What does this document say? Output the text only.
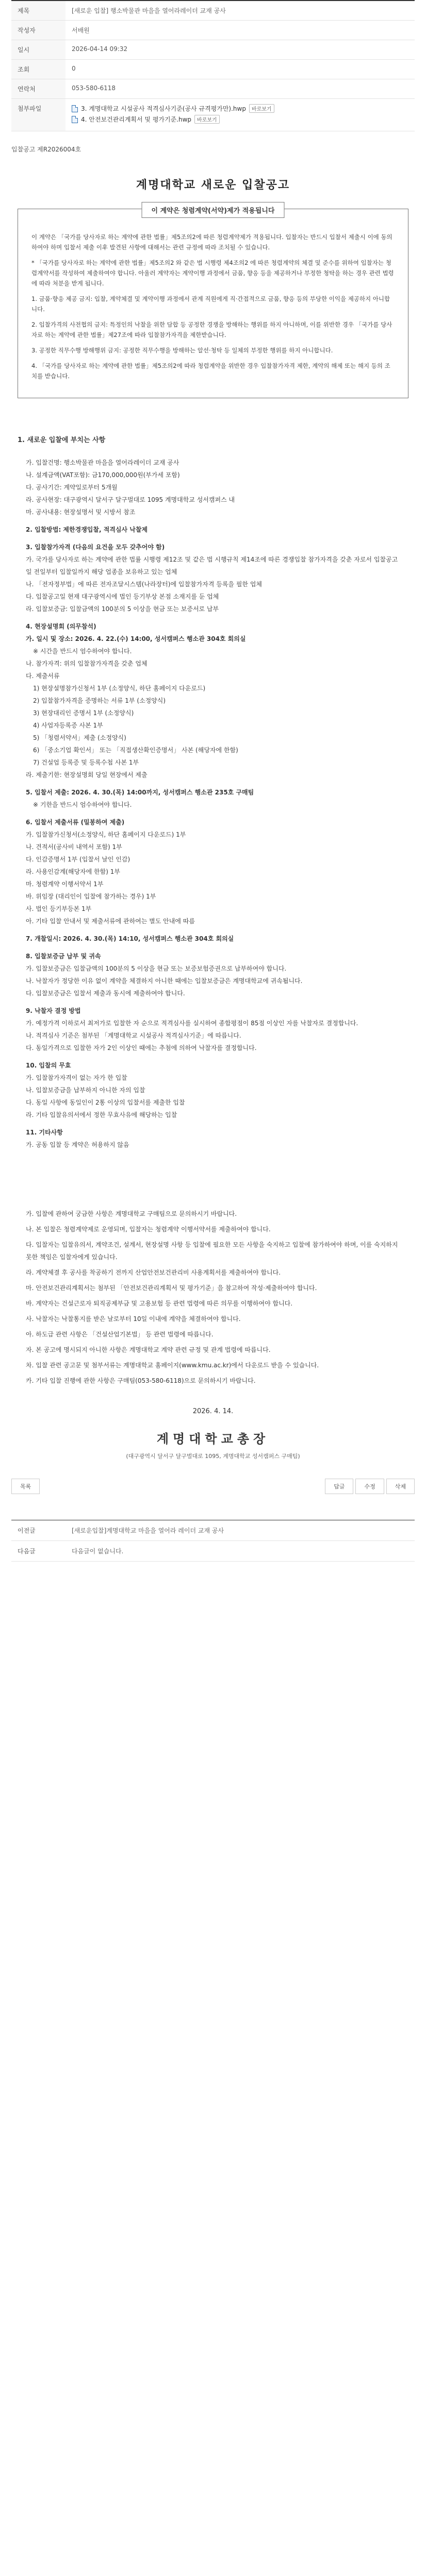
제목	[새로운 입찰] 행소박물관 마을을 열어라레이더 교재 공사
작성자	서배원
일시	2026-04-14 09:32
조회	0
연락처	053-580-6118
첨부파일	3. 계명대학교 시설공사 적격심사기준(공사 규격평가만).hwp	바로보기
4. 안전보건관리계획서 및 평가기준.hwp	바로보기
입찰공고 제R2026004호
계명대학교 새로운 입찰공고
이 계약은 청렴계약(서약)제가 적용됩니다

이 계약은 「국가를 당사자로 하는 계약에 관한 법률」제5조의2에 따른 청렴계약제가 적용됩니다. 입찰자는 반드시 입찰서 제출시 이에 동의하여야 하며 입찰서 제출 이후 발견된 사항에 대해서는 관련 규정에 따라 조치될 수 있습니다.

* 「국가를 당사자로 하는 계약에 관한 법률」제5조의2 와 같은 법 시행령 제4조의2 에 따른 청렴계약의 체결 및 준수를 위하여 입찰자는 청렴계약서를 작성하여 제출하여야 합니다. 아울러 계약자는 계약이행 과정에서 금품, 향응 등을 제공하거나 부정한 청탁을 하는 경우 관련 법령에 따라 처분을 받게 됩니다.

1. 금품·향응 제공 금지: 입찰, 계약체결 및 계약이행 과정에서 관계 직원에게 직·간접적으로 금품, 향응 등의 부당한 이익을 제공하지 아니합니다.

2. 입찰가격의 사전협의 금지: 특정인의 낙찰을 위한 담합 등 공정한 경쟁을 방해하는 행위를 하지 아니하며, 이를 위반한 경우 「국가를 당사자로 하는 계약에 관한 법률」제27조에 따라 입찰참가자격을 제한받습니다.

3. 공정한 직무수행 방해행위 금지: 공정한 직무수행을 방해하는 알선·청탁 등 일체의 부정한 행위를 하지 아니합니다.

4. 「국가를 당사자로 하는 계약에 관한 법률」제5조의2에 따라 청렴계약을 위반한 경우 입찰참가자격 제한, 계약의 해제 또는 해지 등의 조치를 받습니다.

1. 새로운 입찰에 부치는 사항
가. 입찰건명: 행소박물관 마을을 열어라레이더 교재 공사
나. 설계금액(VAT포함): 금170,000,000원(부가세 포함)
다. 공사기간: 계약일로부터 5개월
라. 공사현장: 대구광역시 달서구 달구벌대로 1095 계명대학교 성서캠퍼스 내
마. 공사내용: 현장설명서 및 시방서 참조
2. 입찰방법: 제한경쟁입찰, 적격심사 낙찰제
3. 입찰참가자격 (다음의 요건을 모두 갖추어야 함)
가. 국가를 당사자로 하는 계약에 관한 법률 시행령 제12조 및 같은 법 시행규칙 제14조에 따른 경쟁입찰 참가자격을 갖춘 자로서 입찰공고일 전일부터 입찰일까지 해당 업종을 보유하고 있는 업체
나. 「전자정부법」에 따른 전자조달시스템(나라장터)에 입찰참가자격 등록을 필한 업체
다. 입찰공고일 현재 대구광역시에 법인 등기부상 본점 소재지를 둔 업체
라. 입찰보증금: 입찰금액의 100분의 5 이상을 현금 또는 보증서로 납부
4. 현장설명회 (의무참석)
가. 일시 및 장소: 2026. 4. 22.(수) 14:00, 성서캠퍼스 행소관 304호 회의실
※ 시간을 반드시 엄수하여야 합니다.
나. 참가자격: 위의 입찰참가자격을 갖춘 업체
다. 제출서류
1) 현장설명참가신청서 1부 (소정양식, 하단 홈페이지 다운로드)
2) 입찰참가자격을 증명하는 서류 1부 (소정양식)
3) 현장대리인 증명서 1부 (소정양식)
4) 사업자등록증 사본 1부
5) 「청렴서약서」제출 (소정양식)
6) 「중소기업 확인서」 또는 「직접생산확인증명서」 사본 (해당자에 한함)
7) 건설업 등록증 및 등록수첩 사본 1부
라. 제출기한: 현장설명회 당일 현장에서 제출
5. 입찰서 제출: 2026. 4. 30.(목) 14:00까지, 성서캠퍼스 행소관 235호 구매팀
※ 기한을 반드시 엄수하여야 합니다.
6. 입찰서 제출서류 (밀봉하여 제출)
가. 입찰참가신청서(소정양식, 하단 홈페이지 다운로드) 1부
나. 견적서(공사비 내역서 포함) 1부
다. 인감증명서 1부 (입찰서 날인 인감)
라. 사용인감계(해당자에 한함) 1부
마. 청렴계약 이행서약서 1부
바. 위임장 (대리인이 입찰에 참가하는 경우) 1부
사. 법인 등기부등본 1부
아. 기타 입찰 안내서 및 제출서류에 관하여는 별도 안내에 따름
7. 개찰일시: 2026. 4. 30.(목) 14:10, 성서캠퍼스 행소관 304호 회의실
8. 입찰보증금 납부 및 귀속
가. 입찰보증금은 입찰금액의 100분의 5 이상을 현금 또는 보증보험증권으로 납부하여야 합니다.
나. 낙찰자가 정당한 이유 없이 계약을 체결하지 아니한 때에는 입찰보증금은 계명대학교에 귀속됩니다.
다. 입찰보증금은 입찰서 제출과 동시에 제출하여야 합니다.
9. 낙찰자 결정 방법
가. 예정가격 이하로서 최저가로 입찰한 자 순으로 적격심사를 실시하여 종합평점이 85점 이상인 자를 낙찰자로 결정합니다.
나. 적격심사 기준은 첨부된 「계명대학교 시설공사 적격심사기준」에 따릅니다.
다. 동일가격으로 입찰한 자가 2인 이상인 때에는 추첨에 의하여 낙찰자를 결정합니다.
10. 입찰의 무효
가. 입찰참가자격이 없는 자가 한 입찰
나. 입찰보증금을 납부하지 아니한 자의 입찰
다. 동일 사항에 동일인이 2통 이상의 입찰서를 제출한 입찰
라. 기타 입찰유의서에서 정한 무효사유에 해당하는 입찰
11. 기타사항
가. 공동 입찰 등 계약은 허용하지 않음
가. 입찰에 관하여 궁금한 사항은 계명대학교 구매팀으로 문의하시기 바랍니다.
나. 본 입찰은 청렴계약제로 운영되며, 입찰자는 청렴계약 이행서약서를 제출하여야 합니다.
다. 입찰자는 입찰유의서, 계약조건, 설계서, 현장설명 사항 등 입찰에 필요한 모든 사항을 숙지하고 입찰에 참가하여야 하며, 이를 숙지하지 못한 책임은 입찰자에게 있습니다.
라. 계약체결 후 공사를 착공하기 전까지 산업안전보건관리비 사용계획서를 제출하여야 합니다.
마. 안전보건관리계획서는 첨부된 「안전보건관리계획서 및 평가기준」을 참고하여 작성·제출하여야 합니다.
바. 계약자는 건설근로자 퇴직공제부금 및 고용보험 등 관련 법령에 따른 의무를 이행하여야 합니다.
사. 낙찰자는 낙찰통지를 받은 날로부터 10일 이내에 계약을 체결하여야 합니다.
아. 하도급 관련 사항은 「건설산업기본법」 등 관련 법령에 따릅니다.
자. 본 공고에 명시되지 아니한 사항은 계명대학교 계약 관련 규정 및 관계 법령에 따릅니다.
차. 입찰 관련 공고문 및 첨부서류는 계명대학교 홈페이지(www.kmu.ac.kr)에서 다운로드 받을 수 있습니다.
카. 기타 입찰 진행에 관한 사항은 구매팀(053-580-6118)으로 문의하시기 바랍니다.
2026. 4. 14.
계명대학교총장
(대구광역시 달서구 달구벌대로 1095, 계명대학교 성서캠퍼스 구매팀)
목록	답글	수정	삭제
이전글	[새로운입찰]계명대학교 마을을 열어라 레이더 교재 공사
다음글	다음글이 없습니다.
